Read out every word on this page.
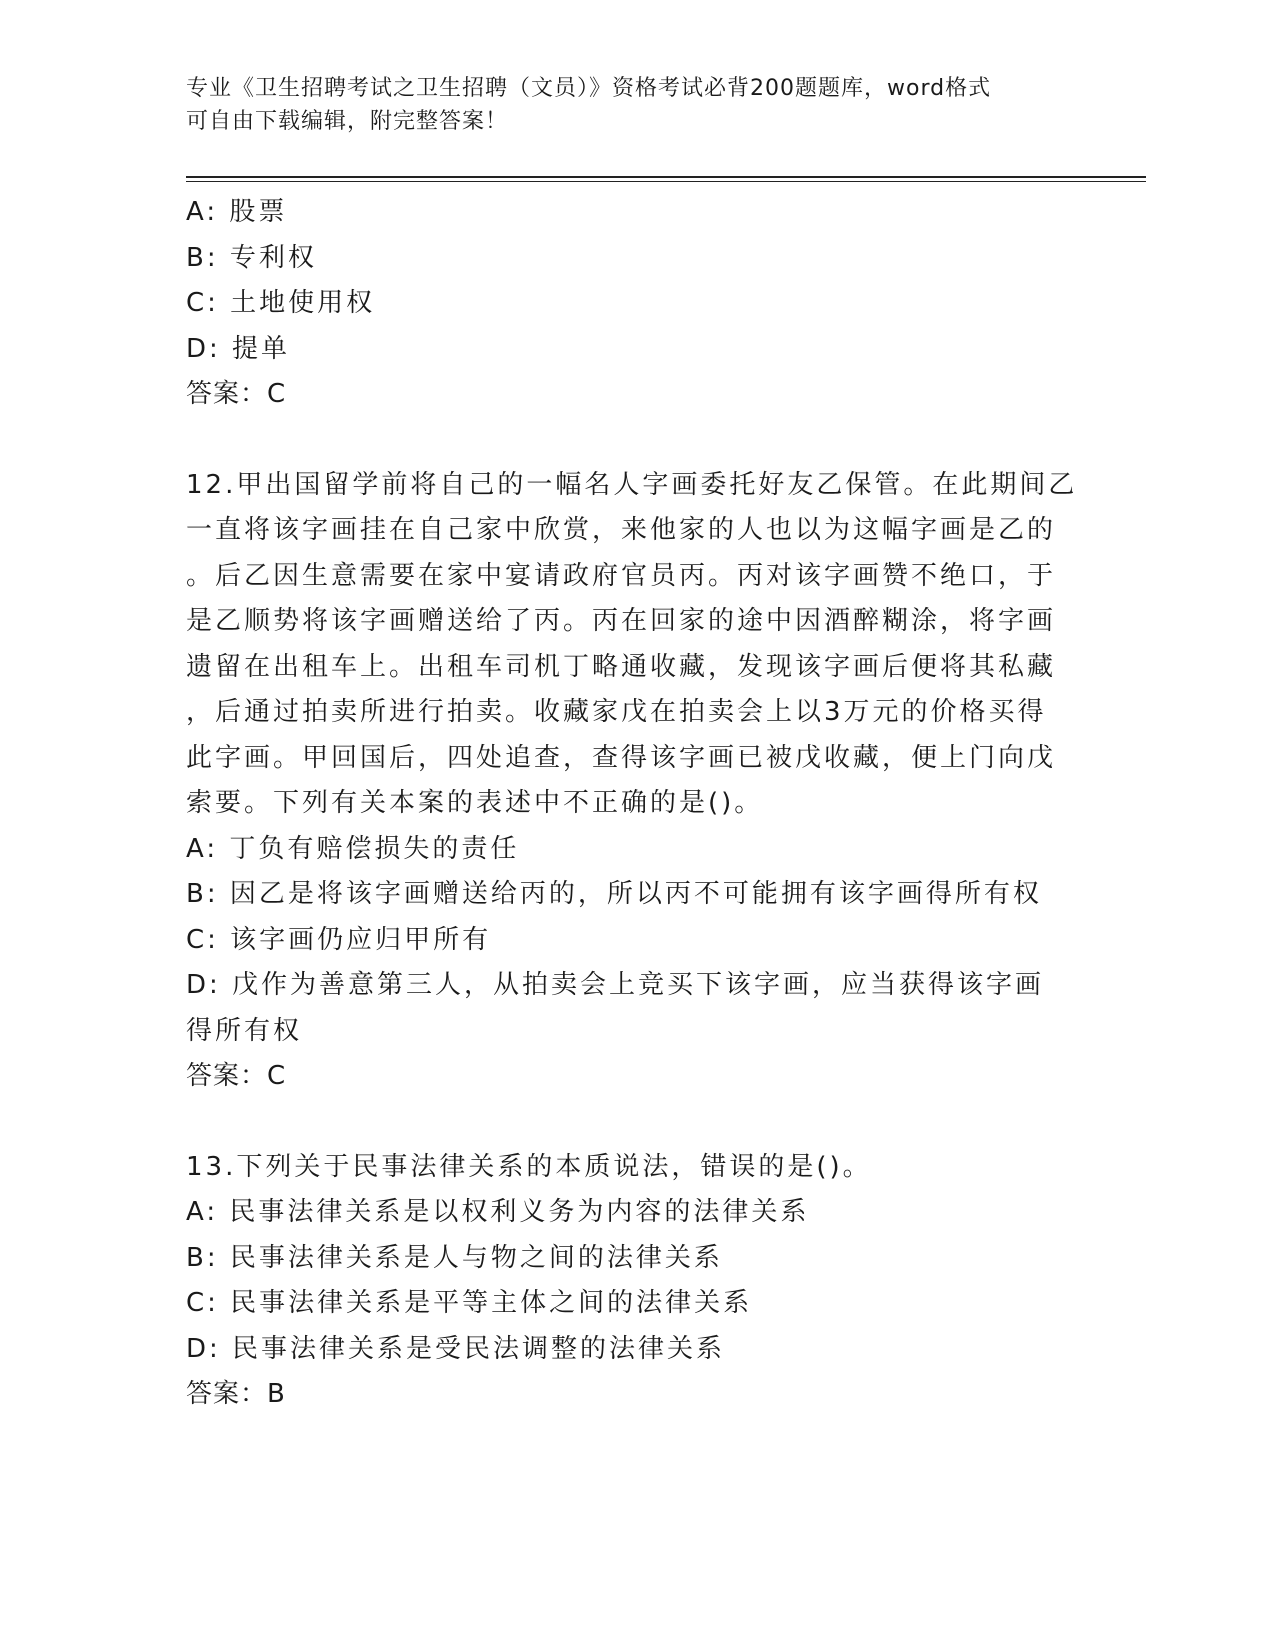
专业《卫生招聘考试之卫生招聘（文员）》资格考试必背200题题库，word格式
可自由下载编辑，附完整答案！
A: 股票
B: 专利权
C: 土地使用权
D: 提单
答案：C
12.甲出国留学前将自己的一幅名人字画委托好友乙保管。在此期间乙
一直将该字画挂在自己家中欣赏，来他家的人也以为这幅字画是乙的
。后乙因生意需要在家中宴请政府官员丙。丙对该字画赞不绝口，于
是乙顺势将该字画赠送给了丙。丙在回家的途中因酒醉糊涂，将字画
遗留在出租车上。出租车司机丁略通收藏，发现该字画后便将其私藏
，后通过拍卖所进行拍卖。收藏家戊在拍卖会上以3万元的价格买得
此字画。甲回国后，四处追查，查得该字画已被戊收藏，便上门向戊
索要。下列有关本案的表述中不正确的是()。
A: 丁负有赔偿损失的责任
B: 因乙是将该字画赠送给丙的，所以丙不可能拥有该字画得所有权
C: 该字画仍应归甲所有
D: 戊作为善意第三人，从拍卖会上竞买下该字画，应当获得该字画得所有权
答案：C
13.下列关于民事法律关系的本质说法，错误的是()。
A: 民事法律关系是以权利义务为内容的法律关系
B: 民事法律关系是人与物之间的法律关系
C: 民事法律关系是平等主体之间的法律关系
D: 民事法律关系是受民法调整的法律关系
答案：B
